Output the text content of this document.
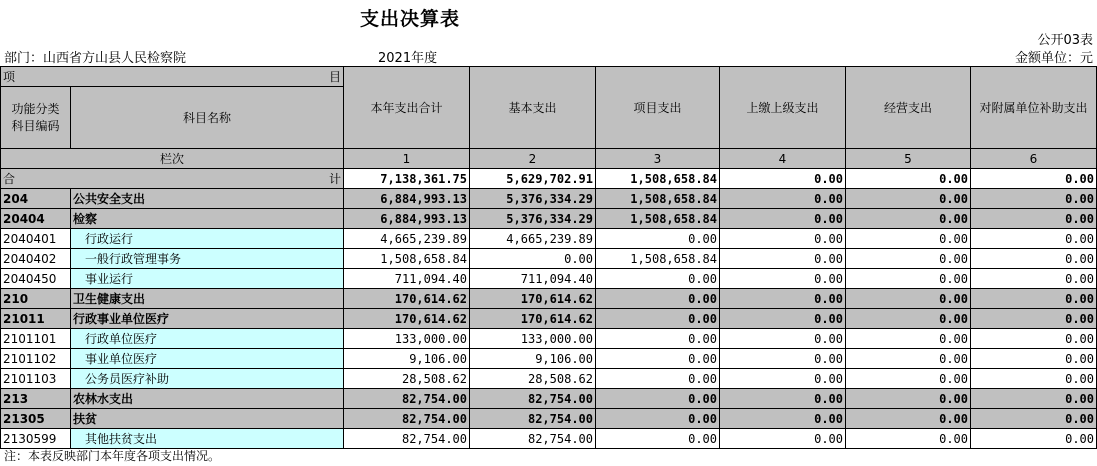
支出决算表
公开03表
部门：山西省方山县人民检察院	2021年度	金额单位：元
项 目		本年支出合计	基本支出	项目支出	上缴上级支出	经营支出	对附属单位补助支出
功能分类
科目编码	科目名称						
栏次		1	2	3	4	5	6

合 计		7,138,361.75	5,629,702.91	1,508,658.84	0.00	0.00	0.00
204	公共安全支出	6,884,993.13	5,376,334.29	1,508,658.84	0.00	0.00	0.00
20404	检察	6,884,993.13	5,376,334.29	1,508,658.84	0.00	0.00	0.00
2040401	行政运行	4,665,239.89	4,665,239.89	0.00	0.00	0.00	0.00
2040402	一般行政管理事务	1,508,658.84	0.00	1,508,658.84	0.00	0.00	0.00
2040450	事业运行	711,094.40	711,094.40	0.00	0.00	0.00	0.00
210	卫生健康支出	170,614.62	170,614.62	0.00	0.00	0.00	0.00
21011	行政事业单位医疗	170,614.62	170,614.62	0.00	0.00	0.00	0.00
2101101	行政单位医疗	133,000.00	133,000.00	0.00	0.00	0.00	0.00
2101102	事业单位医疗	9,106.00	9,106.00	0.00	0.00	0.00	0.00
2101103	公务员医疗补助	28,508.62	28,508.62	0.00	0.00	0.00	0.00
213	农林水支出	82,754.00	82,754.00	0.00	0.00	0.00	0.00
21305	扶贫	82,754.00	82,754.00	0.00	0.00	0.00	0.00
2130599	其他扶贫支出	82,754.00	82,754.00	0.00	0.00	0.00	0.00
注：本表反映部门本年度各项支出情况。
